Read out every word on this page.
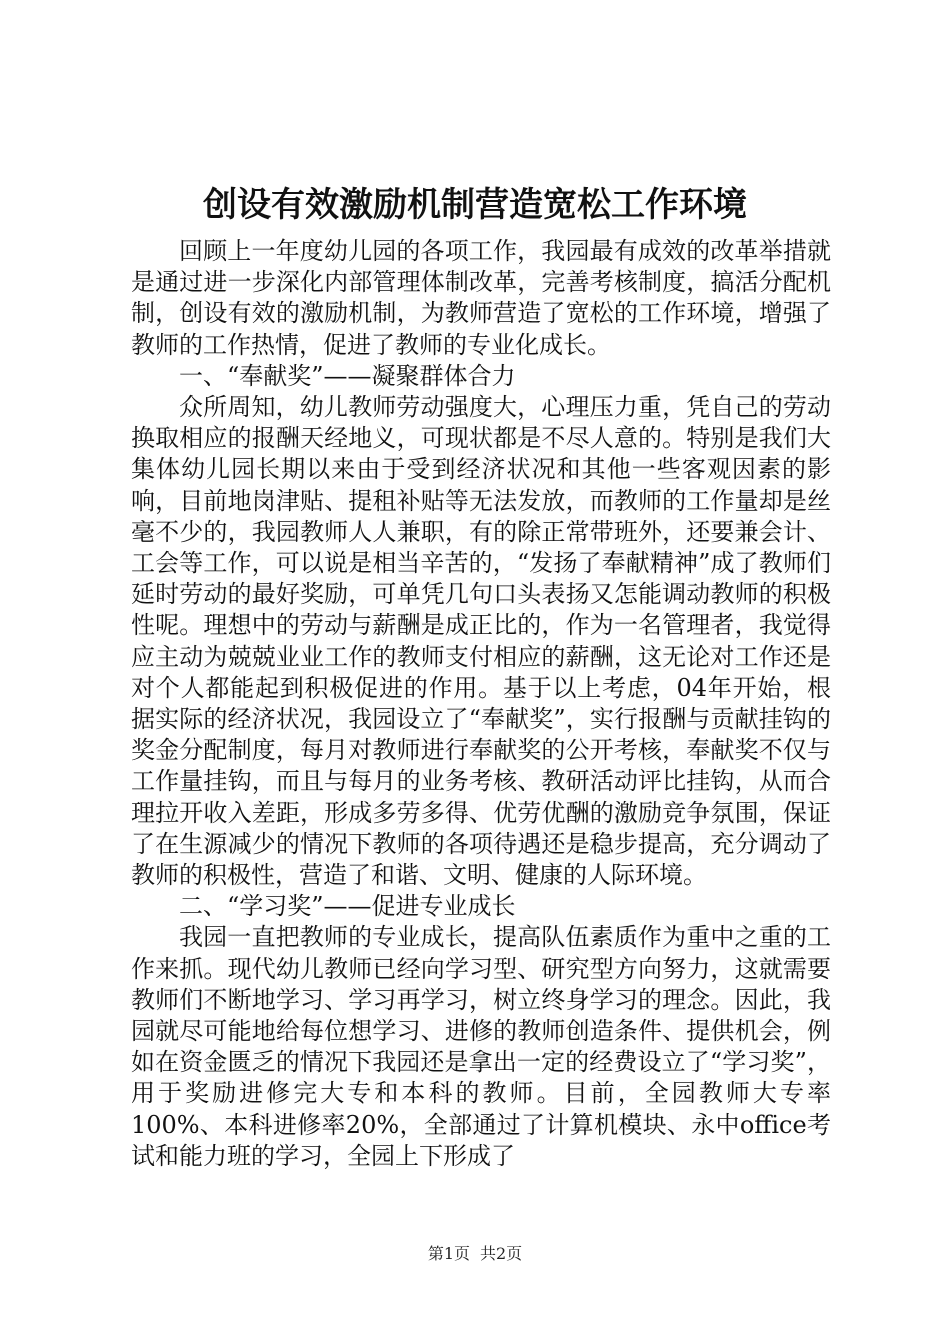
创设有效激励机制营造宽松工作环境

回顾上一年度幼儿园的各项工作，我园最有成效的改革举措就是通过进一步深化内部管理体制改革，完善考核制度，搞活分配机制，创设有效的激励机制，为教师营造了宽松的工作环境，增强了教师的工作热情，促进了教师的专业化成长。

一、“奉献奖”——凝聚群体合力

众所周知，幼儿教师劳动强度大，心理压力重，凭自己的劳动换取相应的报酬天经地义，可现状都是不尽人意的。特别是我们大集体幼儿园长期以来由于受到经济状况和其他一些客观因素的影响，目前地岗津贴、提租补贴等无法发放，而教师的工作量却是丝毫不少的，我园教师人人兼职，有的除正常带班外，还要兼会计、工会等工作，可以说是相当辛苦的，“发扬了奉献精神”成了教师们延时劳动的最好奖励，可单凭几句口头表扬又怎能调动教师的积极性呢。理想中的劳动与薪酬是成正比的，作为一名管理者，我觉得应主动为兢兢业业工作的教师支付相应的薪酬，这无论对工作还是对个人都能起到积极促进的作用。基于以上考虑，04年开始，根据实际的经济状况，我园设立了“奉献奖”，实行报酬与贡献挂钩的奖金分配制度，每月对教师进行奉献奖的公开考核，奉献奖不仅与工作量挂钩，而且与每月的业务考核、教研活动评比挂钩，从而合理拉开收入差距，形成多劳多得、优劳优酬的激励竞争氛围，保证了在生源减少的情况下教师的各项待遇还是稳步提高，充分调动了教师的积极性，营造了和谐、文明、健康的人际环境。

二、“学习奖”——促进专业成长

我园一直把教师的专业成长，提高队伍素质作为重中之重的工作来抓。现代幼儿教师已经向学习型、研究型方向努力，这就需要教师们不断地学习、学习再学习，树立终身学习的理念。因此，我园就尽可能地给每位想学习、进修的教师创造条件、提供机会，例如在资金匮乏的情况下我园还是拿出一定的经费设立了“学习奖”，用于奖励进修完大专和本科的教师。目前，全园教师大专率100%、本科进修率20%，全部通过了计算机模块、永中office考试和能力班的学习，全园上下形成了

第1页 共2页
